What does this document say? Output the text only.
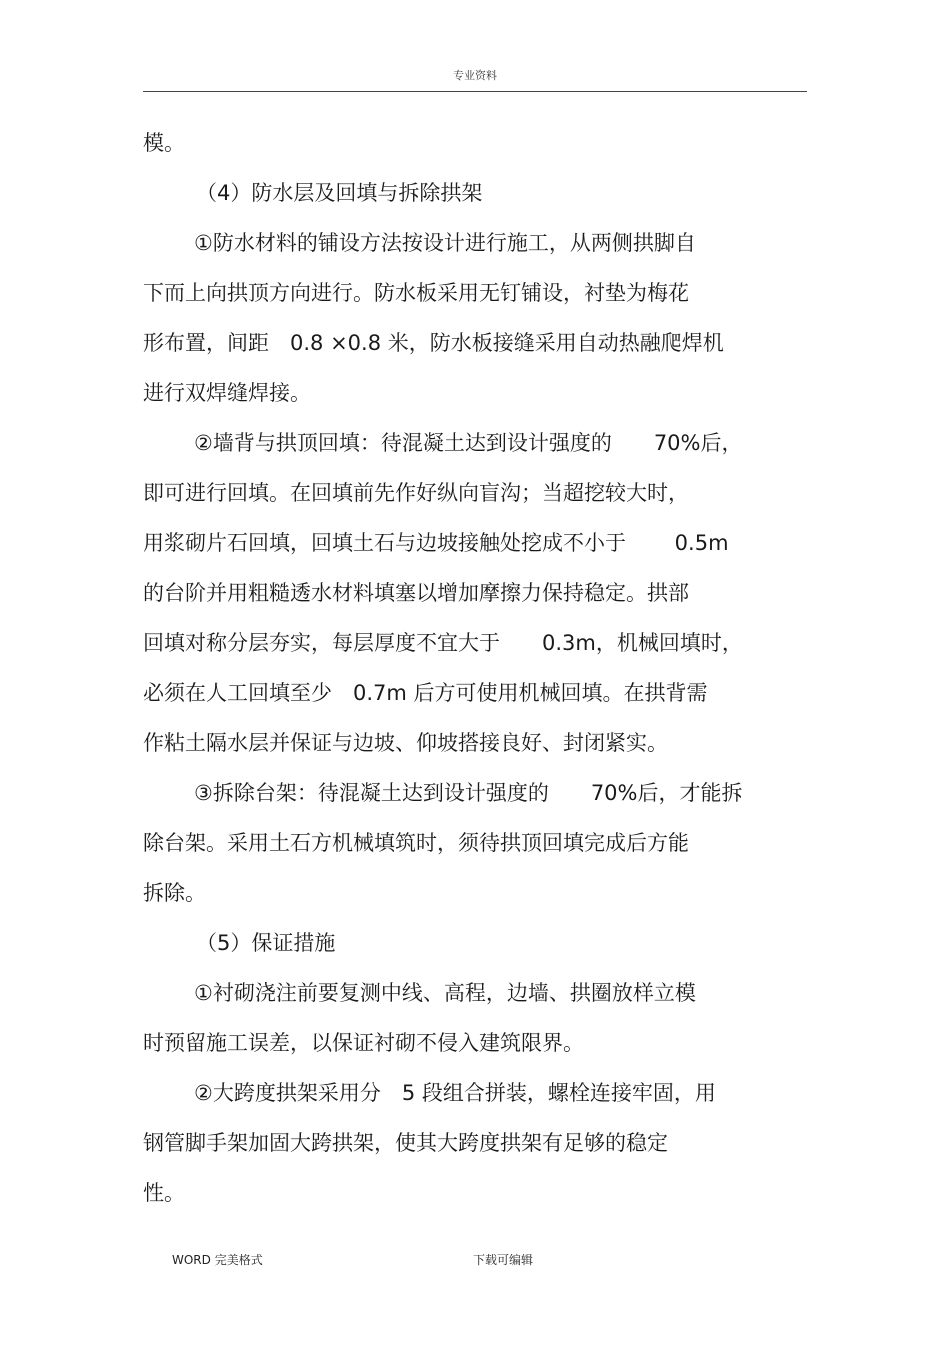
专业资料
模。
（4）防水层及回填与拆除拱架
①防水材料的铺设方法按设计进行施工，从两侧拱脚自
下而上向拱顶方向进行。防水板采用无钉铺设，衬垫为梅花
形布置，间距　0.8 ×0.8 米，防水板接缝采用自动热融爬焊机
进行双焊缝焊接。
②墙背与拱顶回填：待混凝土达到设计强度的　　70%后，
即可进行回填。在回填前先作好纵向盲沟；当超挖较大时，
用浆砌片石回填，回填土石与边坡接触处挖成不小于　　 0.5m
的台阶并用粗糙透水材料填塞以增加摩擦力保持稳定。拱部
回填对称分层夯实，每层厚度不宜大于　　0.3m，机械回填时，
必须在人工回填至少　0.7m 后方可使用机械回填。在拱背需
作粘土隔水层并保证与边坡、仰坡搭接良好、封闭紧实。
③拆除台架：待混凝土达到设计强度的　　70%后，才能拆
除台架。采用土石方机械填筑时，须待拱顶回填完成后方能
拆除。
（5）保证措施
①衬砌浇注前要复测中线、高程，边墙、拱圈放样立模
时预留施工误差，以保证衬砌不侵入建筑限界。
②大跨度拱架采用分　5 段组合拼装，螺栓连接牢固，用
钢管脚手架加固大跨拱架，使其大跨度拱架有足够的稳定
性。
WORD 完美格式	下载可编辑
